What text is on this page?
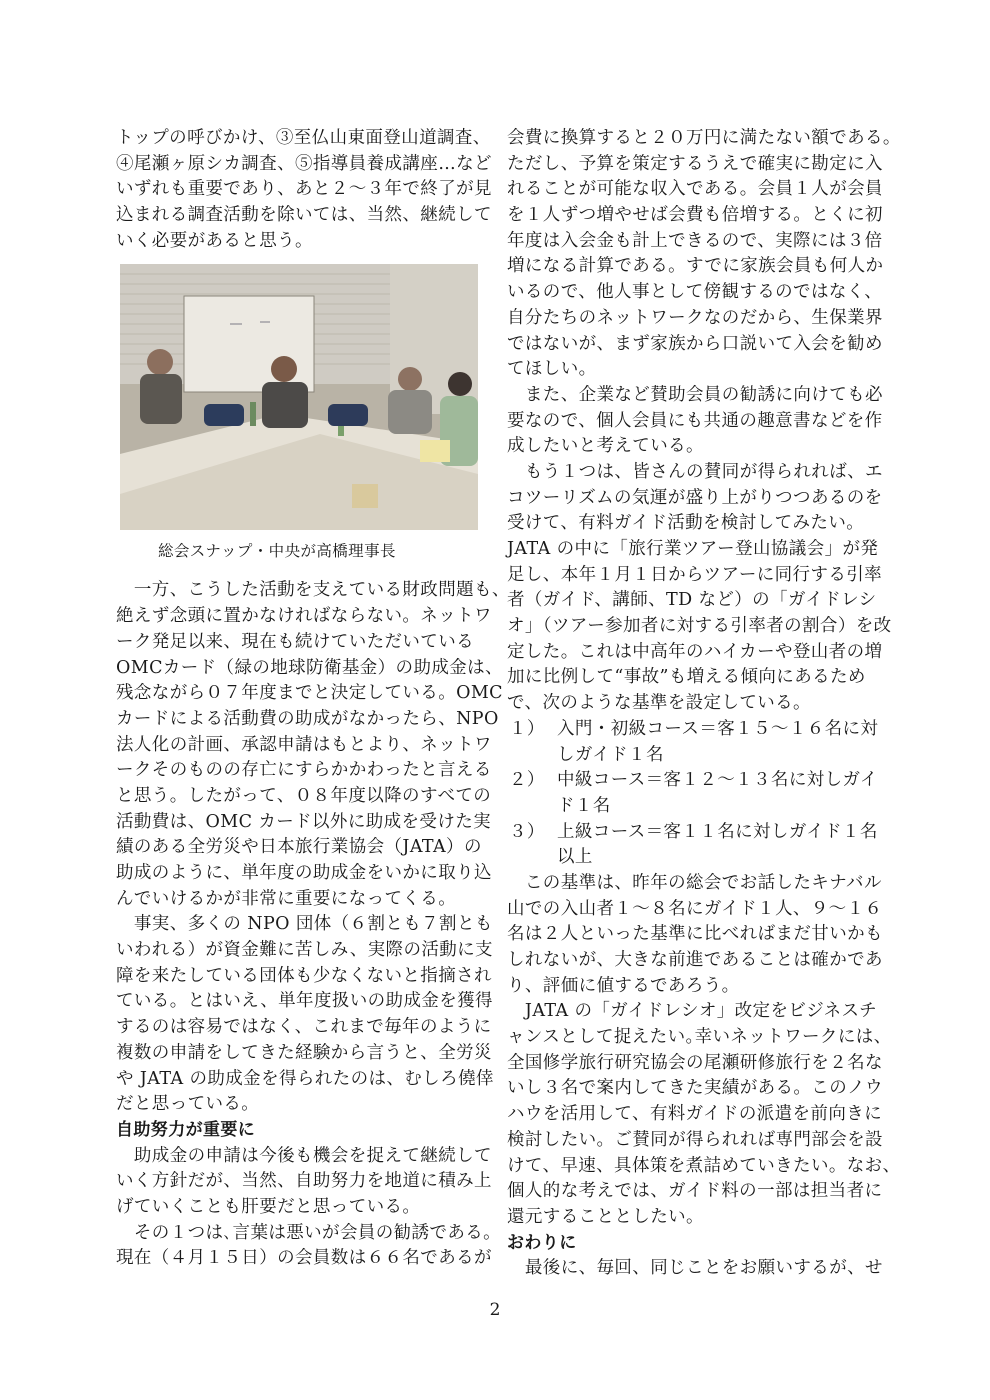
トップの呼びかけ、③至仏山東面登山道調査、
④尾瀬ヶ原シカ調査、⑤指導員養成講座…など
いずれも重要であり、あと２～３年で終了が見
込まれる調査活動を除いては、当然、継続して
いく必要があると思う。
総会スナップ・中央が高橋理事長
　一方、こうした活動を支えている財政問題も、
絶えず念頭に置かなければならない。ネットワ
ーク発足以来、現在も続けていただいている
OMCカード（緑の地球防衛基金）の助成金は、
残念ながら０７年度までと決定している。OMC
カードによる活動費の助成がなかったら、NPO
法人化の計画、承認申請はもとより、ネットワ
ークそのものの存亡にすらかかわったと言える
と思う。したがって、０８年度以降のすべての
活動費は、OMC カード以外に助成を受けた実
績のある全労災や日本旅行業協会（JATA）の
助成のように、単年度の助成金をいかに取り込
んでいけるかが非常に重要になってくる。
　事実、多くの NPO 団体（６割とも７割とも
いわれる）が資金難に苦しみ、実際の活動に支
障を来たしている団体も少なくないと指摘され
ている。とはいえ、単年度扱いの助成金を獲得
するのは容易ではなく、これまで毎年のように
複数の申請をしてきた経験から言うと、全労災
や JATA の助成金を得られたのは、むしろ僥倖
だと思っている。
自助努力が重要に
　助成金の申請は今後も機会を捉えて継続して
いく方針だが、当然、自助努力を地道に積み上
げていくことも肝要だと思っている。
　その１つは､言葉は悪いが会員の勧誘である。
現在（４月１５日）の会員数は６６名であるが
会費に換算すると２０万円に満たない額である。
ただし、予算を策定するうえで確実に勘定に入
れることが可能な収入である。会員１人が会員
を１人ずつ増やせば会費も倍増する。とくに初
年度は入会金も計上できるので、実際には３倍
増になる計算である。すでに家族会員も何人か
いるので、他人事として傍観するのではなく、
自分たちのネットワークなのだから、生保業界
ではないが、まず家族から口説いて入会を勧め
てほしい。
　また、企業など賛助会員の勧誘に向けても必
要なので、個人会員にも共通の趣意書などを作
成したいと考えている。
　もう１つは、皆さんの賛同が得られれば、エ
コツーリズムの気運が盛り上がりつつあるのを
受けて、有料ガイド活動を検討してみたい。
JATA の中に「旅行業ツアー登山協議会」が発
足し、本年１月１日からツアーに同行する引率
者（ガイド、講師、TD など）の「ガイドレシ
オ」（ツアー参加者に対する引率者の割合）を改
定した。これは中高年のハイカーや登山者の増
加に比例して“事故”も増える傾向にあるため
で、次のような基準を設定している。
１） 入門・初級コース＝客１５～１６名に対
しガイド１名
２） 中級コース＝客１２～１３名に対しガイ
ド１名
３） 上級コース＝客１１名に対しガイド１名
以上
　この基準は、昨年の総会でお話したキナバル
山での入山者１～８名にガイド１人、９～１６
名は２人といった基準に比べればまだ甘いかも
しれないが、大きな前進であることは確かであ
り、評価に値するであろう。
　JATA の「ガイドレシオ」改定をビジネスチ
ャンスとして捉えたい｡幸いネットワークには、
全国修学旅行研究協会の尾瀬研修旅行を２名な
いし３名で案内してきた実績がある。このノウ
ハウを活用して、有料ガイドの派遣を前向きに
検討したい。ご賛同が得られれば専門部会を設
けて、早速、具体策を煮詰めていきたい。なお、
個人的な考えでは、ガイド料の一部は担当者に
還元することとしたい。
おわりに
　最後に、毎回、同じことをお願いするが、せ
2
